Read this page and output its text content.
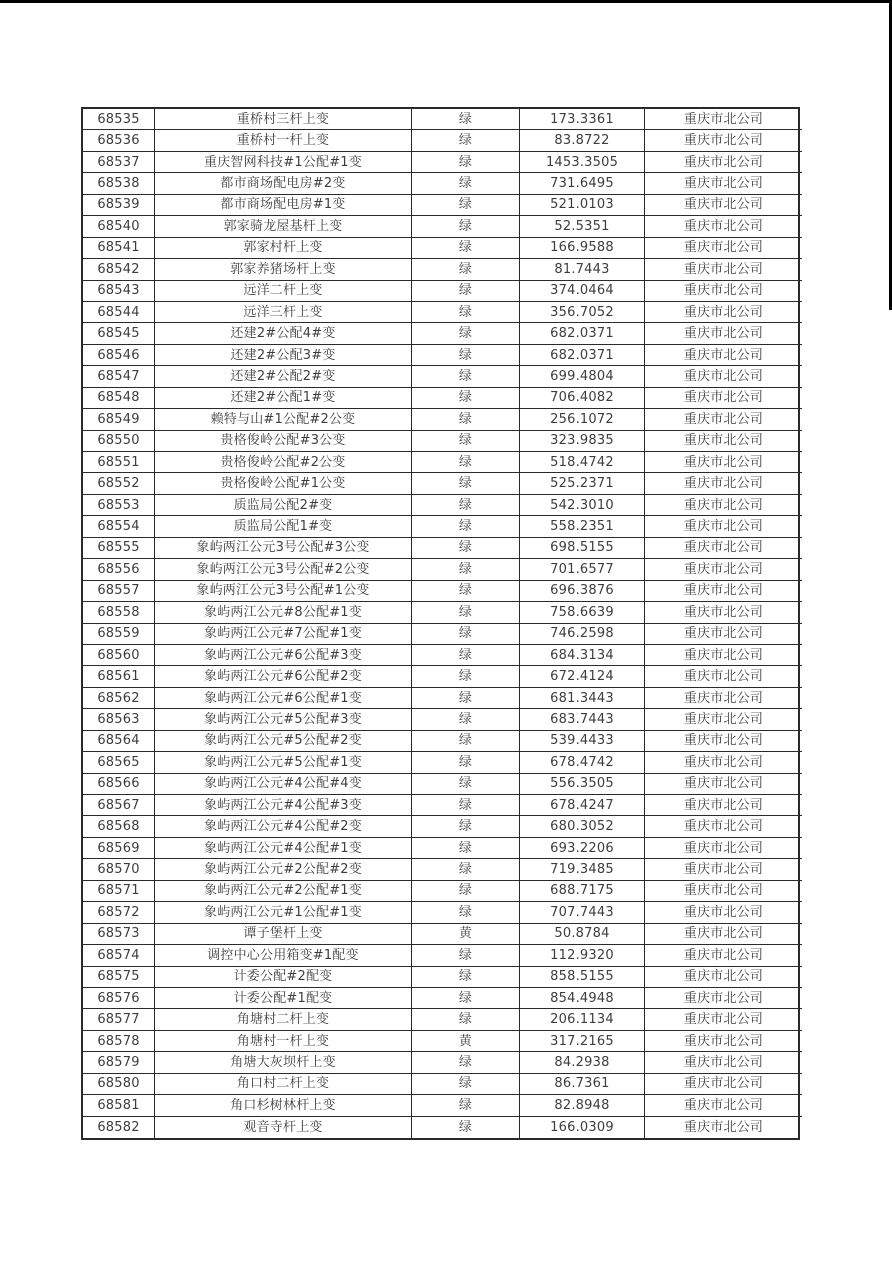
68535	重桥村三杆上变	绿	173.3361	重庆市北公司
68536	重桥村一杆上变	绿	83.8722	重庆市北公司
68537	重庆智网科技#1公配#1变	绿	1453.3505	重庆市北公司
68538	都市商场配电房#2变	绿	731.6495	重庆市北公司
68539	都市商场配电房#1变	绿	521.0103	重庆市北公司
68540	郭家骑龙屋基杆上变	绿	52.5351	重庆市北公司
68541	郭家村杆上变	绿	166.9588	重庆市北公司
68542	郭家养猪场杆上变	绿	81.7443	重庆市北公司
68543	远洋二杆上变	绿	374.0464	重庆市北公司
68544	远洋三杆上变	绿	356.7052	重庆市北公司
68545	还建2#公配4#变	绿	682.0371	重庆市北公司
68546	还建2#公配3#变	绿	682.0371	重庆市北公司
68547	还建2#公配2#变	绿	699.4804	重庆市北公司
68548	还建2#公配1#变	绿	706.4082	重庆市北公司
68549	赖特与山#1公配#2公变	绿	256.1072	重庆市北公司
68550	贵格俊岭公配#3公变	绿	323.9835	重庆市北公司
68551	贵格俊岭公配#2公变	绿	518.4742	重庆市北公司
68552	贵格俊岭公配#1公变	绿	525.2371	重庆市北公司
68553	质监局公配2#变	绿	542.3010	重庆市北公司
68554	质监局公配1#变	绿	558.2351	重庆市北公司
68555	象屿两江公元3号公配#3公变	绿	698.5155	重庆市北公司
68556	象屿两江公元3号公配#2公变	绿	701.6577	重庆市北公司
68557	象屿两江公元3号公配#1公变	绿	696.3876	重庆市北公司
68558	象屿两江公元#8公配#1变	绿	758.6639	重庆市北公司
68559	象屿两江公元#7公配#1变	绿	746.2598	重庆市北公司
68560	象屿两江公元#6公配#3变	绿	684.3134	重庆市北公司
68561	象屿两江公元#6公配#2变	绿	672.4124	重庆市北公司
68562	象屿两江公元#6公配#1变	绿	681.3443	重庆市北公司
68563	象屿两江公元#5公配#3变	绿	683.7443	重庆市北公司
68564	象屿两江公元#5公配#2变	绿	539.4433	重庆市北公司
68565	象屿两江公元#5公配#1变	绿	678.4742	重庆市北公司
68566	象屿两江公元#4公配#4变	绿	556.3505	重庆市北公司
68567	象屿两江公元#4公配#3变	绿	678.4247	重庆市北公司
68568	象屿两江公元#4公配#2变	绿	680.3052	重庆市北公司
68569	象屿两江公元#4公配#1变	绿	693.2206	重庆市北公司
68570	象屿两江公元#2公配#2变	绿	719.3485	重庆市北公司
68571	象屿两江公元#2公配#1变	绿	688.7175	重庆市北公司
68572	象屿两江公元#1公配#1变	绿	707.7443	重庆市北公司
68573	谭子堡杆上变	黄	50.8784	重庆市北公司
68574	调控中心公用箱变#1配变	绿	112.9320	重庆市北公司
68575	计委公配#2配变	绿	858.5155	重庆市北公司
68576	计委公配#1配变	绿	854.4948	重庆市北公司
68577	角塘村二杆上变	绿	206.1134	重庆市北公司
68578	角塘村一杆上变	黄	317.2165	重庆市北公司
68579	角塘大灰坝杆上变	绿	84.2938	重庆市北公司
68580	角口村二杆上变	绿	86.7361	重庆市北公司
68581	角口杉树林杆上变	绿	82.8948	重庆市北公司
68582	观音寺杆上变	绿	166.0309	重庆市北公司
